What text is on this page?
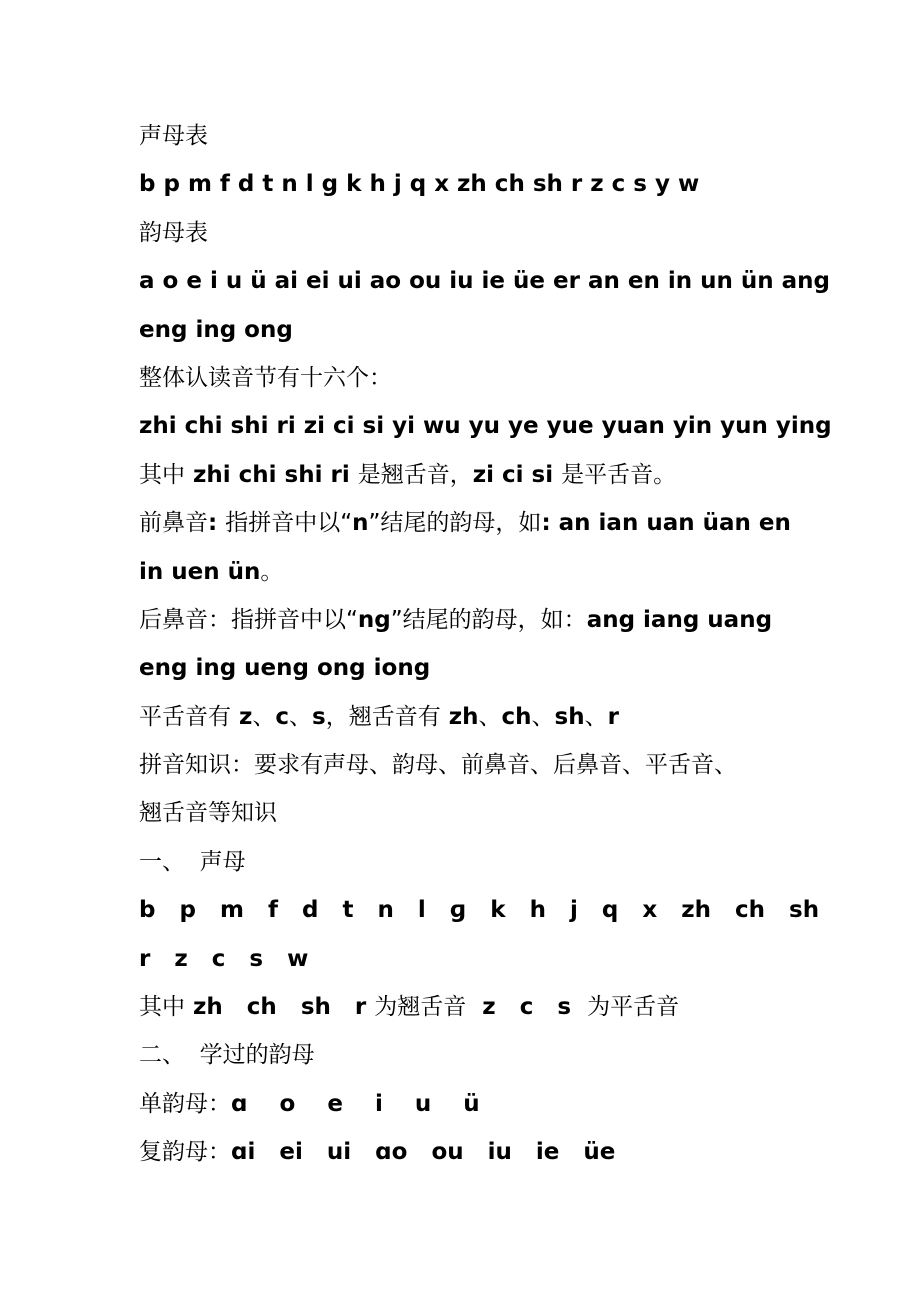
声母表
b p m f d t n l g k h j q x zh ch sh r z c s y w
韵母表
a o e i u ü ai ei ui ao ou iu ie üe er an en in un ün ang
eng ing ong
整体认读音节有十六个：
zhi chi shi ri zi ci si yi wu yu ye yue yuan yin yun ying
其中 zhi chi shi ri 是翘舌音，zi ci si 是平舌音。
前鼻音: 指拼音中以“n”结尾的韵母，如: an ian uan üan en
in uen ün。
后鼻音：指拼音中以“ng”结尾的韵母，如：ang iang uang
eng ing ueng ong iong
平舌音有 z、c、s，翘舌音有 zh、ch、sh、r
拼音知识：要求有声母、韵母、前鼻音、后鼻音、平舌音、
翘舌音等知识
一、  声母
b   p   m   f   d   t   n   l   ɡ   k   h   j   q   x   zh   ch   sh
r   z   c   s   w
其中 zh   ch   sh   r 为翘舌音  z   c   s  为平舌音
二、  学过的韵母
单韵母：ɑ    o    e    i    u    ü
复韵母：ɑi   ei   ui   ɑo   ou   iu   ie   üe
